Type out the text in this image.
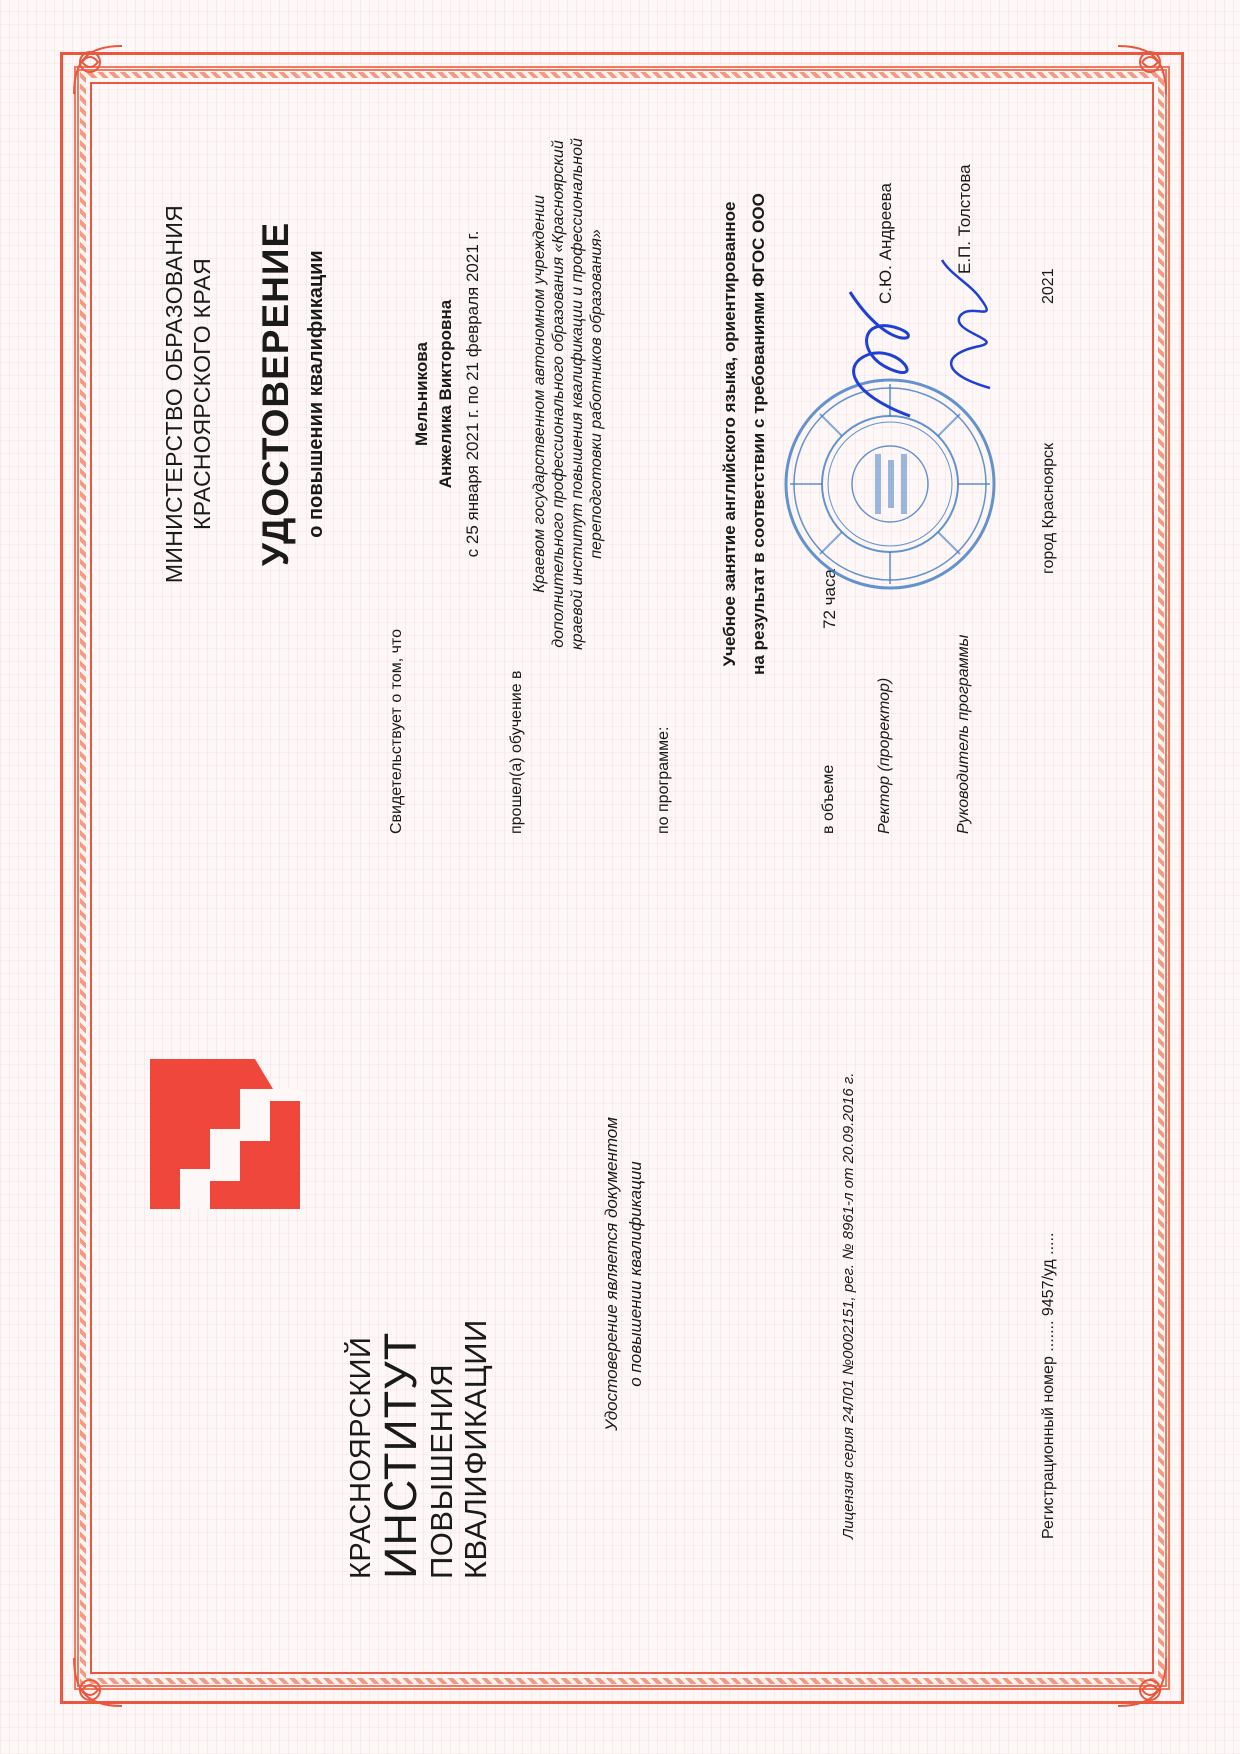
МИНИСТЕРСТВО ОБРАЗОВАНИЯ КРАСНОЯРСКОГО КРАЯ УДОСТОВЕРЕНИЕ о повышении квалификации
Свидетельствует о том, что
Мельникова Анжелика Викторовна с 25 января 2021 г. по 21 февраля 2021 г.
прошел(а) обучение в
Краевом государственном автономном учреждении дополнительного профессионального образования «Красноярский краевой институт повышения квалификации и профессиональной переподготовки работников образования»
по программе:
Учебное занятие английского языка, ориентированное на результат в соответствии с требованиями ФГОС ООО
в объеме
72 часа
Ректор (проректор)
С.Ю. Андреева
Руководитель программы
Е.П. Толстова
город Красноярск
2021
КРАСНОЯРСКИЙ
ИНСТИТУТ
ПОВЫШЕНИЯ КВАЛИФИКАЦИИ
Удостоверение является документом о повышении квалификации	Лицензия серия 24Л01 №0002151, рег. № 8961-л от 20.09.2016 г.	Регистрационный номер ....... 9457/уд .....
